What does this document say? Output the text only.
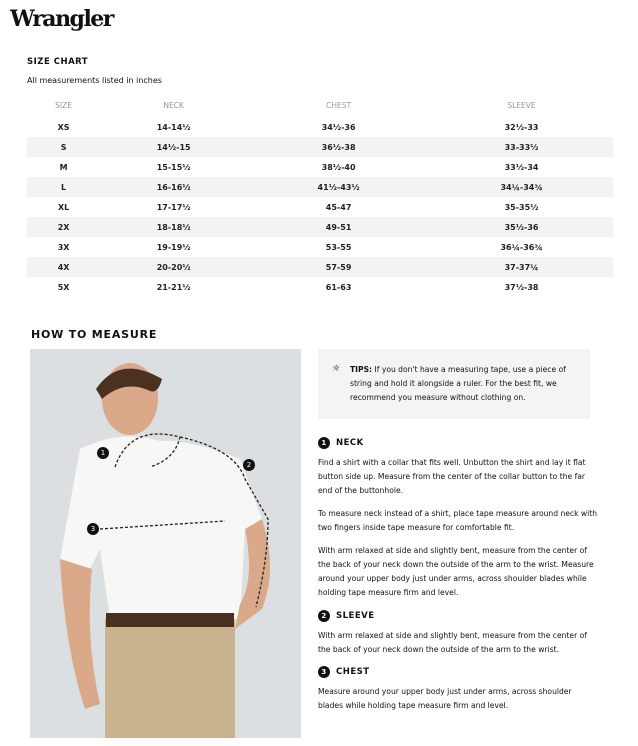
Wrangler
SIZE CHART
All measurements listed in inches
SIZE	NECK	CHEST	SLEEVE
XS	14-14½	34½-36	32½-33
S	14½-15	36½-38	33-33½
M	15-15½	38½-40	33½-34
L	16-16½	41½-43½	34¼-34¾
XL	17-17½	45-47	35-35½
2X	18-18½	49-51	35½-36
3X	19-19½	53-55	36¼-36¾
4X	20-20½	57-59	37-37¼
5X	21-21½	61-63	37½-38
HOW TO MEASURE
1
2
3
☼	TIPS: If you don't have a measuring tape, use a piece of string and hold it alongside a ruler. For the best fit, we recommend you measure without clothing on.

1	NECK

Find a shirt with a collar that fits well. Unbutton the shirt and lay it flat button side up. Measure from the center of the collar button to the far end of the buttonhole.

To measure neck instead of a shirt, place tape measure around neck with two fingers inside tape measure for comfortable fit.

With arm relaxed at side and slightly bent, measure from the center of the back of your neck down the outside of the arm to the wrist. Measure around your upper body just under arms, across shoulder blades while holding tape measure firm and level.

2	SLEEVE

With arm relaxed at side and slightly bent, measure from the center of the back of your neck down the outside of the arm to the wrist.

3	CHEST

Measure around your upper body just under arms, across shoulder blades while holding tape measure firm and level.
